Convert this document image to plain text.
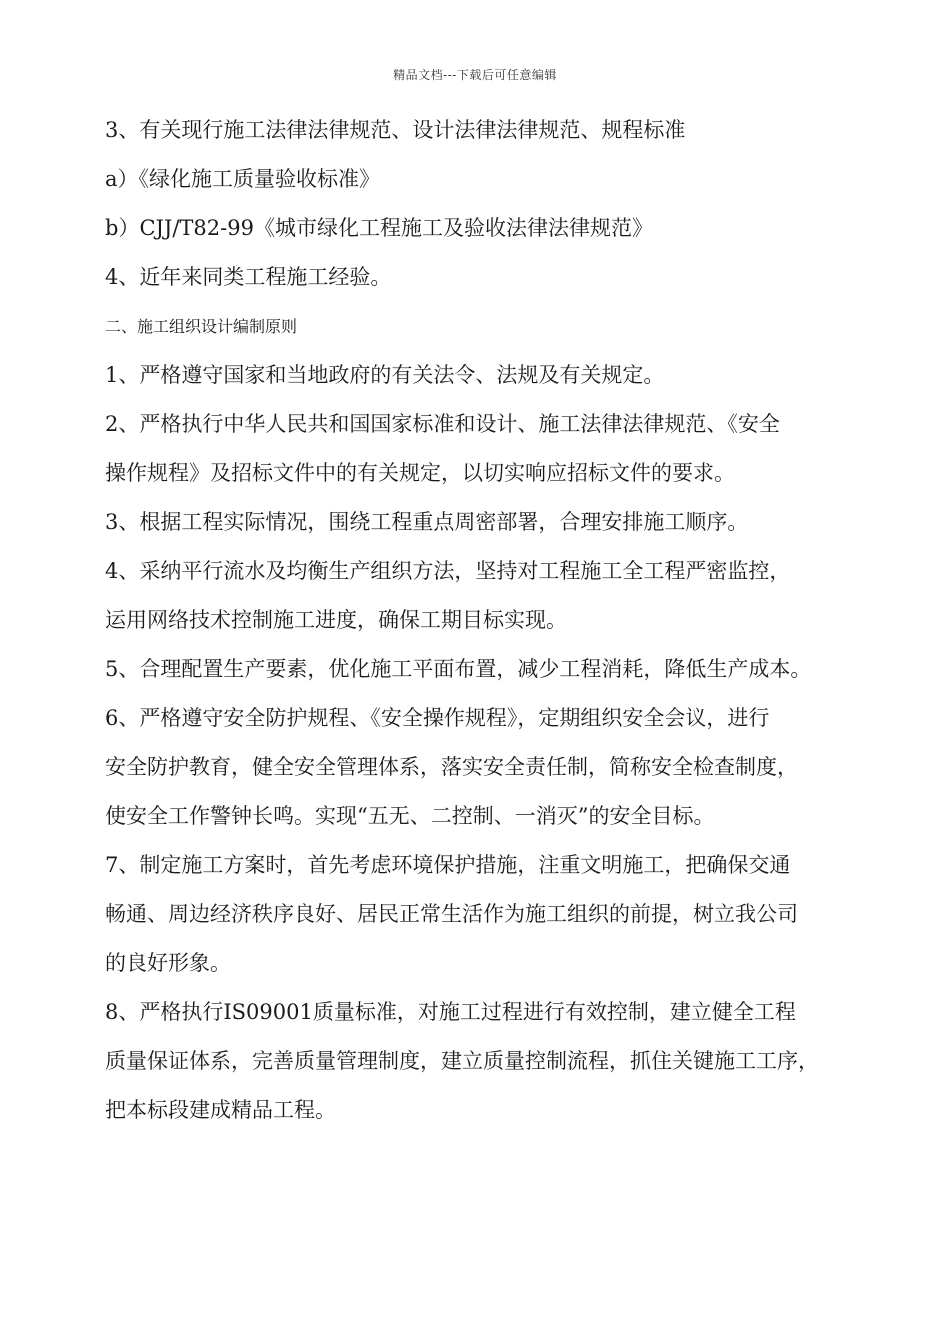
精品文档---下载后可任意编辑
3、有关现行施工法律法律规范、设计法律法律规范、规程标准
a）《绿化施工质量验收标准》
b）CJJ/T82-99《城市绿化工程施工及验收法律法律规范》
4、近年来同类工程施工经验。
二、施工组织设计编制原则
1、严格遵守国家和当地政府的有关法令、法规及有关规定。
2、严格执行中华人民共和国国家标准和设计、施工法律法律规范、《安全
操作规程》及招标文件中的有关规定，以切实响应招标文件的要求。
3、根据工程实际情况，围绕工程重点周密部署，合理安排施工顺序。
4、采纳平行流水及均衡生产组织方法，坚持对工程施工全工程严密监控，
运用网络技术控制施工进度，确保工期目标实现。
5、合理配置生产要素，优化施工平面布置，减少工程消耗，降低生产成本。
6、严格遵守安全防护规程、《安全操作规程》，定期组织安全会议，进行
安全防护教育，健全安全管理体系，落实安全责任制，简称安全检查制度，
使安全工作警钟长鸣。实现“五无、二控制、一消灭”的安全目标。
7、制定施工方案时，首先考虑环境保护措施，注重文明施工，把确保交通
畅通、周边经济秩序良好、居民正常生活作为施工组织的前提，树立我公司
的良好形象。
8、严格执行IS09001质量标准，对施工过程进行有效控制，建立健全工程
质量保证体系，完善质量管理制度，建立质量控制流程，抓住关键施工工序，
把本标段建成精品工程。
